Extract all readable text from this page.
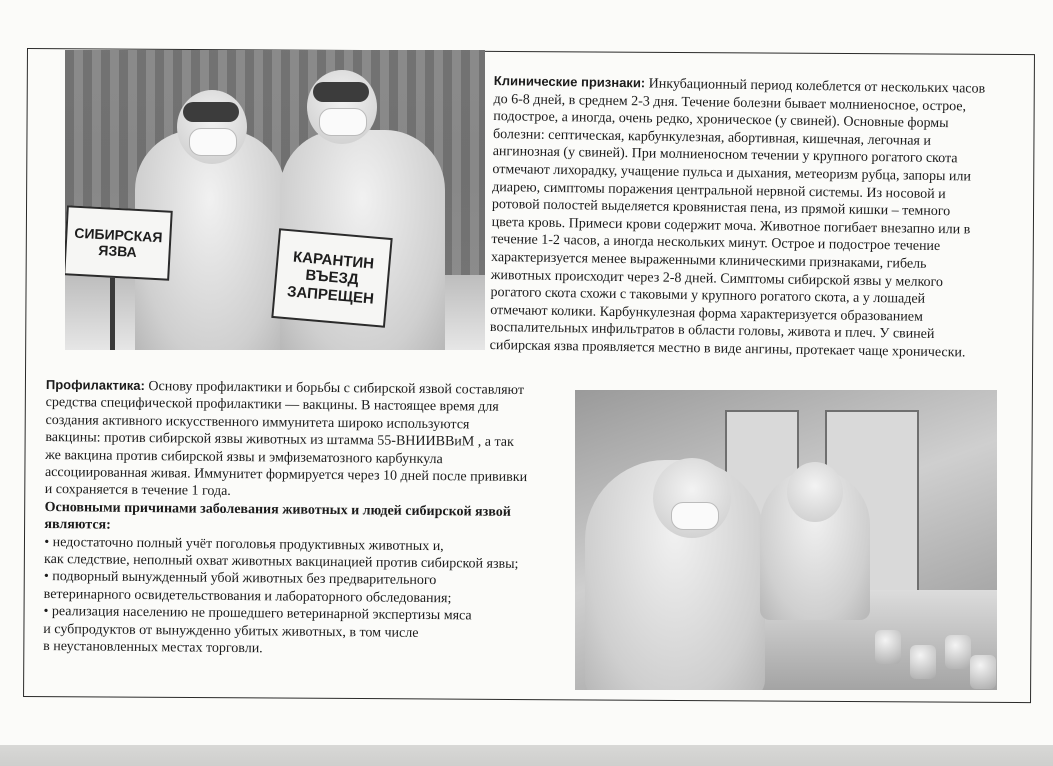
СИБИРСКАЯ
ЯЗВА	КАРАНТИН
ВЪЕЗД
ЗАПРЕЩЕН
Клинические признаки: Инкубационный период колеблется от нескольких часов
до 6-8 дней, в среднем 2-3 дня. Течение болезни бывает молниеносное, острое,
подострое, а иногда, очень редко, хроническое (у свиней). Основные формы
болезни: септическая, карбункулезная, абортивная, кишечная, легочная и
ангинозная (у свиней). При молниеносном течении у крупного рогатого скота
отмечают лихорадку, учащение пульса и дыхания, метеоризм рубца, запоры или
диарею, симптомы поражения центральной нервной системы. Из носовой и
ротовой полостей выделяется кровянистая пена, из прямой кишки – темного
цвета кровь. Примеси крови содержит моча. Животное погибает внезапно или в
течение 1-2 часов, а иногда нескольких минут. Острое и подострое течение
характеризуется менее выраженными клиническими признаками, гибель
животных происходит через 2-8 дней. Симптомы сибирской язвы у мелкого
рогатого скота схожи с таковыми у крупного рогатого скота, а у лошадей
отмечают колики. Карбункулезная форма характеризуется образованием
воспалительных инфильтратов в области головы, живота и плеч. У свиней
сибирская язва проявляется местно в виде ангины, протекает чаще хронически.
Профилактика: Основу профилактики и борьбы с сибирской язвой составляют
средства специфической профилактики — вакцины. В настоящее время для
создания активного искусственного иммунитета широко используются
вакцины: против сибирской язвы животных из штамма 55-ВНИИВВиМ , а так
же вакцина против сибирской язвы и эмфизематозного карбункула
ассоциированная живая. Иммунитет формируется через 10 дней после прививки
и сохраняется в течение 1 года.
Основными причинами заболевания животных и людей сибирской язвой
являются:
• недостаточно полный учёт поголовья продуктивных животных и,
как следствие, неполный охват животных вакцинацией против сибирской язвы;
• подворный вынужденный убой животных без предварительного
ветеринарного освидетельствования и лабораторного обследования;
• реализация населению не прошедшего ветеринарной экспертизы мяса
и субпродуктов от вынужденно убитых животных, в том числе
в неустановленных местах торговли.
